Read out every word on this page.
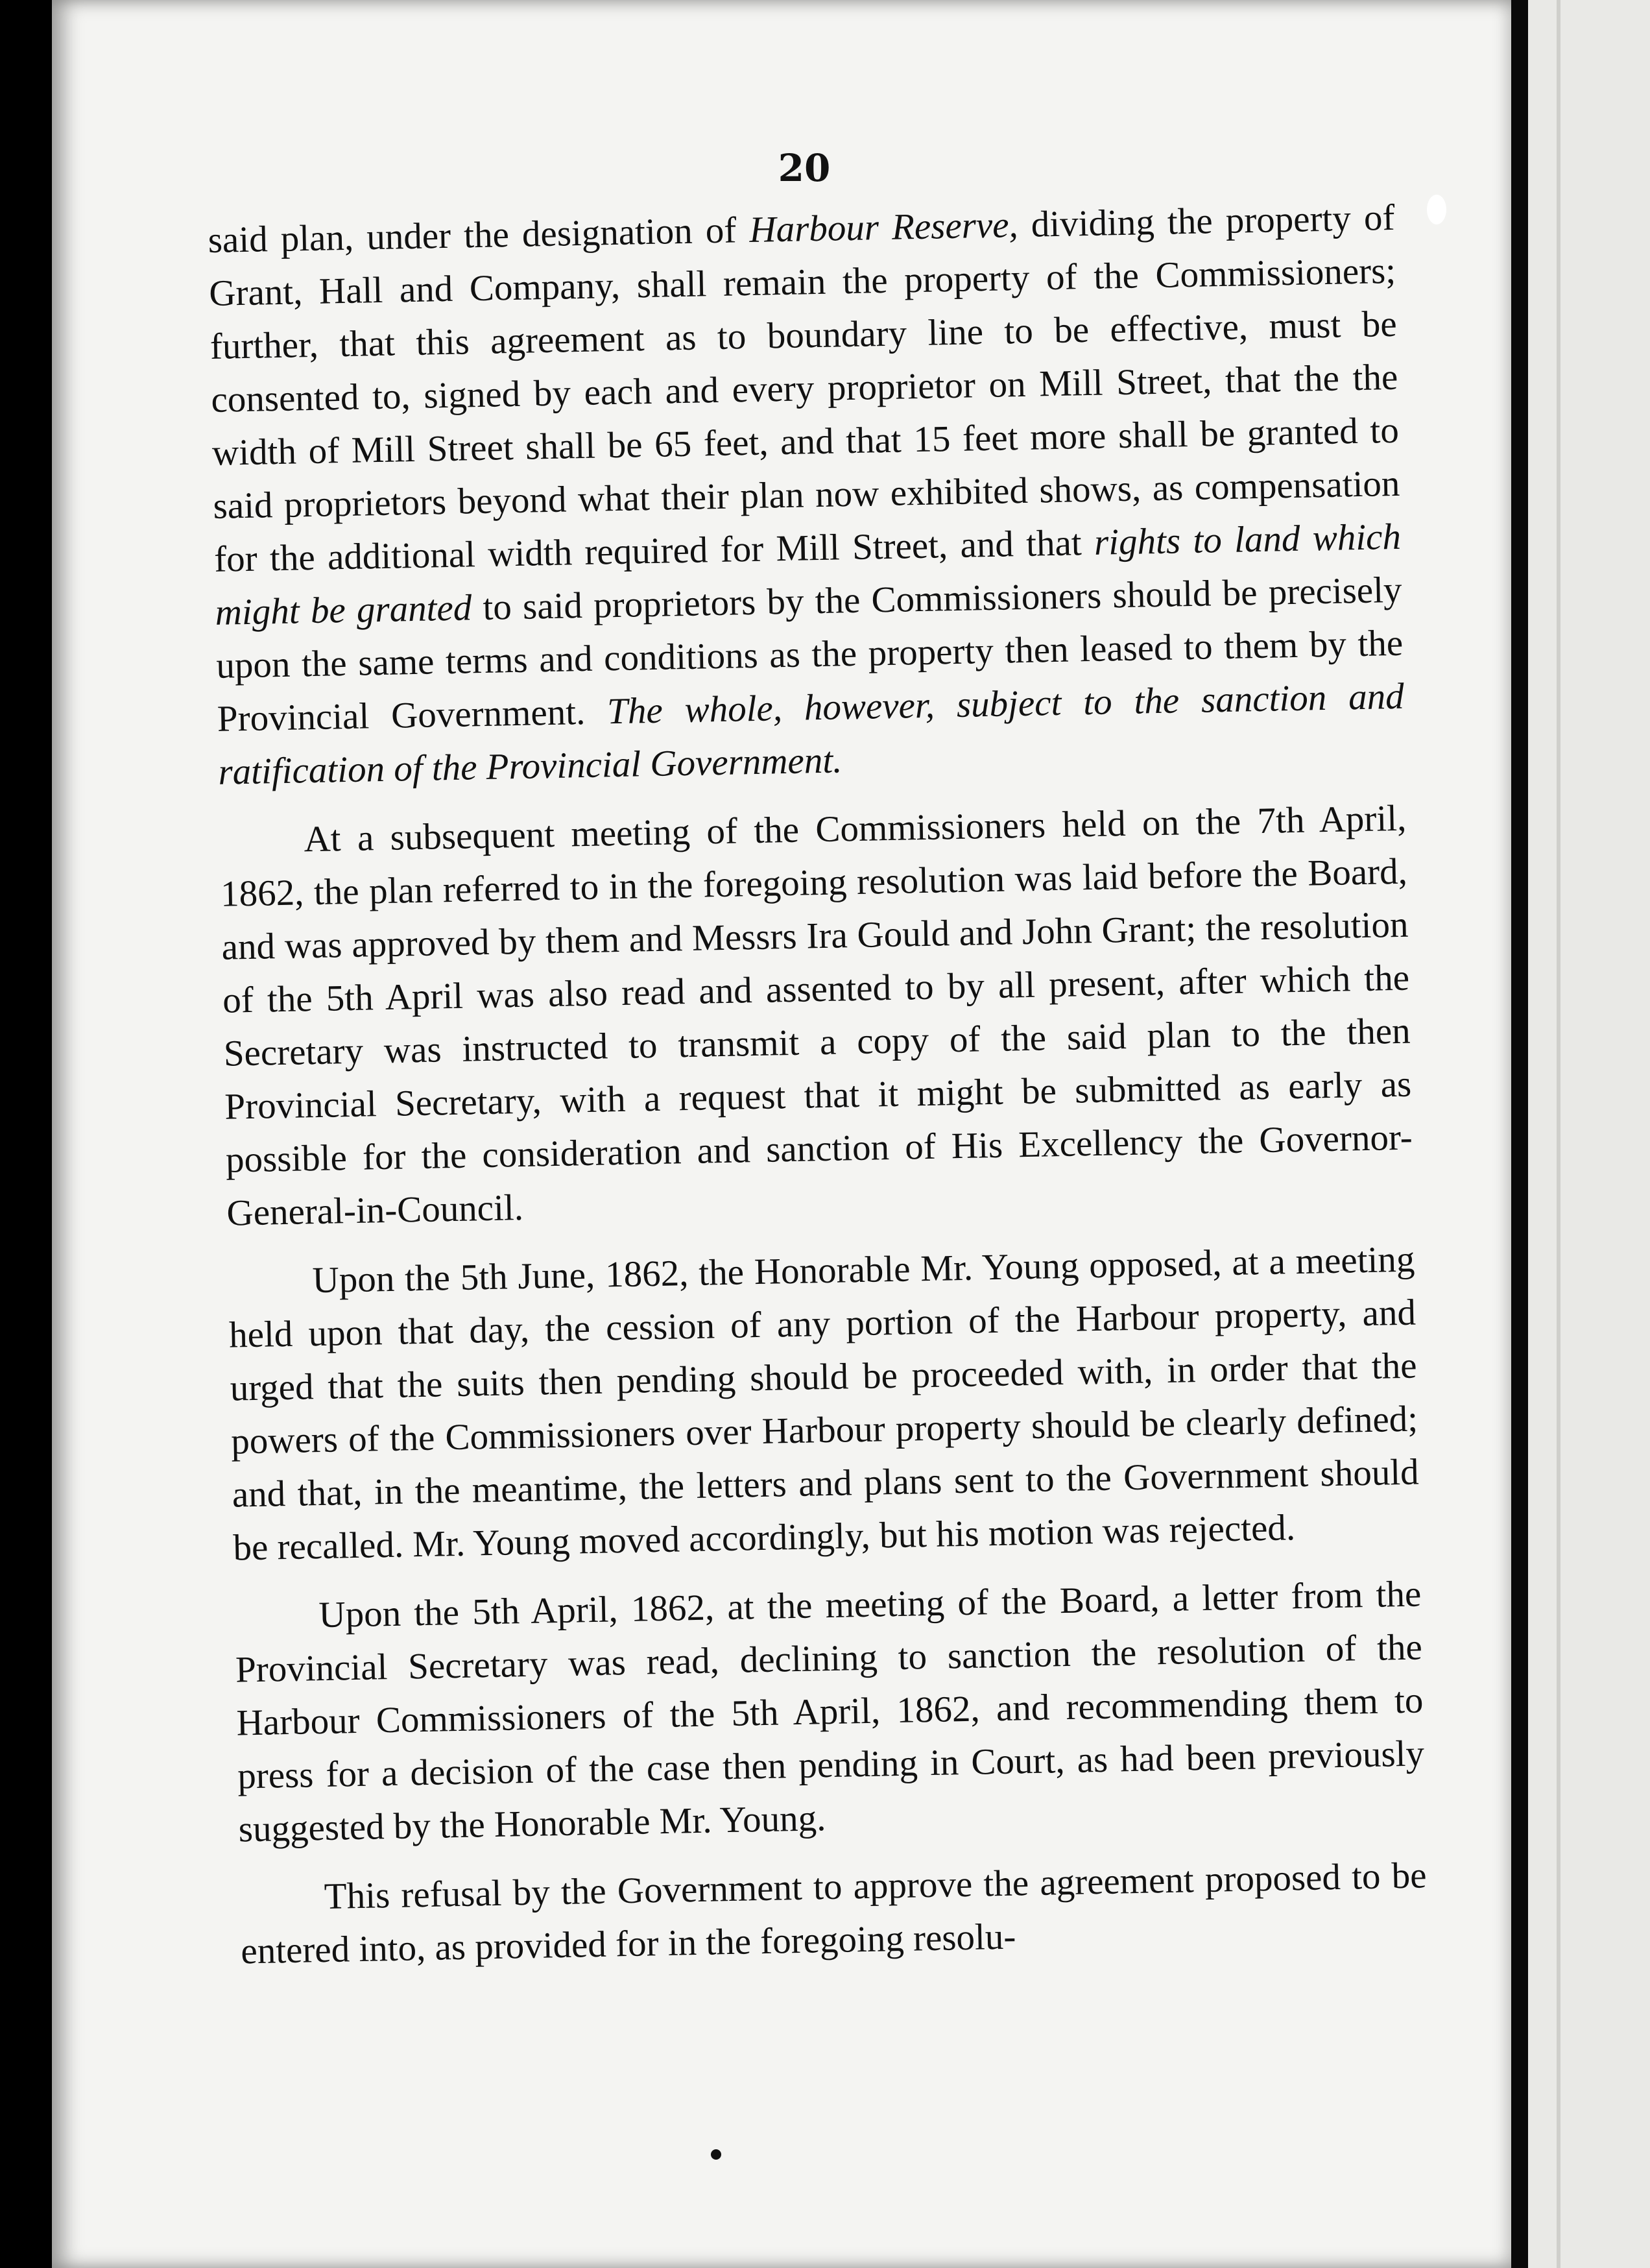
20

said plan, under the designation of Harbour Reserve, dividing the property of Grant, Hall and Company, shall remain the property of the Commissioners; further, that this agreement as to boundary line to be effective, must be consented to, signed by each and every proprietor on Mill Street, that the the width of Mill Street shall be 65 feet, and that 15 feet more shall be granted to said proprietors beyond what their plan now exhibited shows, as compensation for the additional width required for Mill Street, and that rights to land which might be granted to said proprietors by the Commissioners should be precisely upon the same terms and conditions as the property then leased to them by the Provincial Government. The whole, however, subject to the sanction and ratification of the Provincial Government.

At a subsequent meeting of the Commissioners held on the 7th April, 1862, the plan referred to in the foregoing resolution was laid before the Board, and was approved by them and Messrs Ira Gould and John Grant; the resolution of the 5th April was also read and assented to by all present, after which the Secretary was instructed to transmit a copy of the said plan to the then Provincial Secretary, with a request that it might be submitted as early as possible for the consideration and sanction of His Excellency the Governor-General-in-Council.

Upon the 5th June, 1862, the Honorable Mr. Young opposed, at a meeting held upon that day, the cession of any portion of the Harbour property, and urged that the suits then pending should be proceeded with, in order that the powers of the Commissioners over Harbour property should be clearly defined; and that, in the meantime, the letters and plans sent to the Government should be recalled. Mr. Young moved accordingly, but his motion was rejected.

Upon the 5th April, 1862, at the meeting of the Board, a letter from the Provincial Secretary was read, declining to sanction the resolution of the Harbour Commissioners of the 5th April, 1862, and recommending them to press for a decision of the case then pending in Court, as had been previously suggested by the Honorable Mr. Young.

This refusal by the Government to approve the agreement proposed to be entered into, as provided for in the foregoing resolu-
